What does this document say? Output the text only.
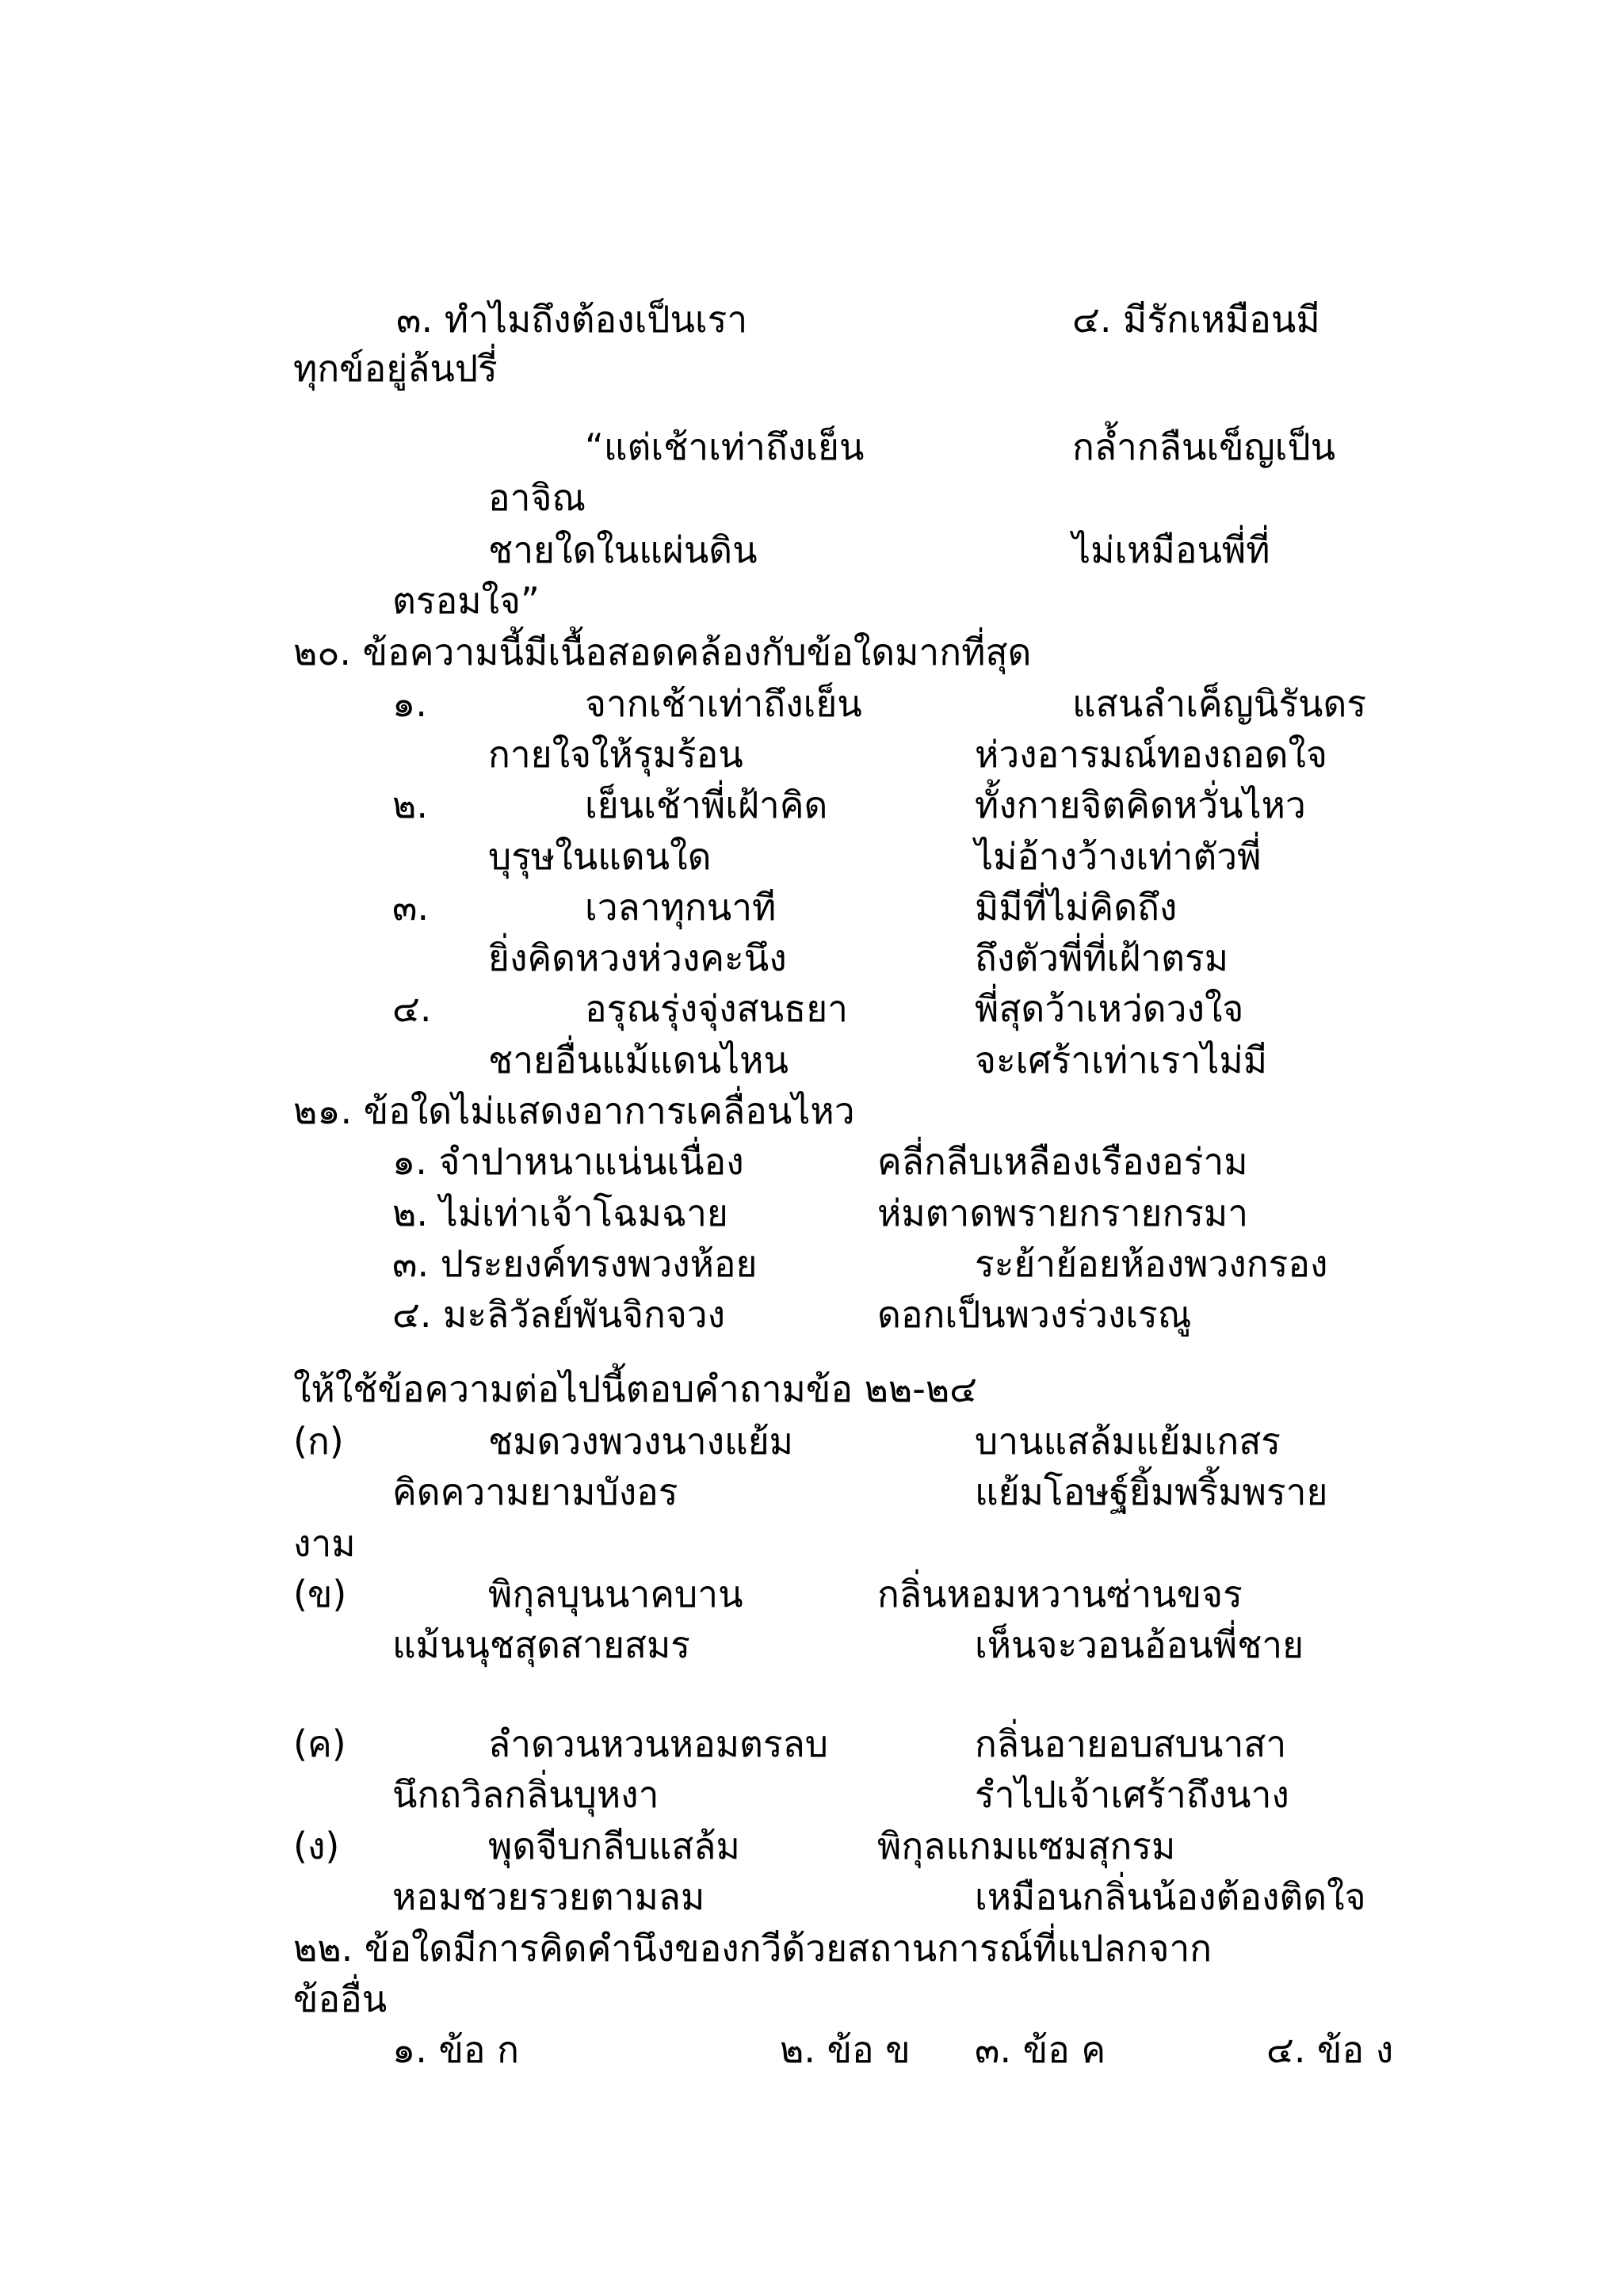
๓. ทำไมถึงต้องเป็นเรา	๔. มีรักเหมือนมี
ทุกข์อยู่ล้นปรี่
“แต่เช้าเท่าถึงเย็น	กล้ำกลืนเข็ญเป็น
อาจิณ
ชายใดในแผ่นดิน	ไม่เหมือนพี่ที่
ตรอมใจ”
๒๐. ข้อความนี้มีเนื้อสอดคล้องกับข้อใดมากที่สุด
๑.	จากเช้าเท่าถึงเย็น	แสนลำเค็ญนิรันดร
กายใจให้รุมร้อน	ห่วงอารมณ์ทองถอดใจ
๒.	เย็นเช้าพี่เฝ้าคิด	ทั้งกายจิตคิดหวั่นไหว
บุรุษในแดนใด	ไม่อ้างว้างเท่าตัวพี่
๓.	เวลาทุกนาที	มิมีที่ไม่คิดถึง
ยิ่งคิดหวงห่วงคะนึง	ถึงตัวพี่ที่เฝ้าตรม
๔.	อรุณรุ่งจุ่งสนธยา	พี่สุดว้าเหว่ดวงใจ
ชายอื่นแม้แดนไหน	จะเศร้าเท่าเราไม่มี
๒๑. ข้อใดไม่แสดงอาการเคลื่อนไหว
๑. จำปาหนาแน่นเนื่อง	คลี่กลีบเหลืองเรืองอร่าม
๒. ไม่เท่าเจ้าโฉมฉาย	ห่มตาดพรายกรายกรมา
๓. ประยงค์ทรงพวงห้อย	ระย้าย้อยห้องพวงกรอง
๔. มะลิวัลย์พันจิกจวง	ดอกเป็นพวงร่วงเรณู
ให้ใช้ข้อความต่อไปนี้ตอบคำถามข้อ ๒๒-๒๔
(ก)	ชมดวงพวงนางแย้ม	บานแสล้มแย้มเกสร
คิดความยามบังอร	แย้มโอษฐ์ยิ้มพริ้มพราย
งาม
(ข)	พิกุลบุนนาคบาน	กลิ่นหอมหวานซ่านขจร
แม้นนุชสุดสายสมร	เห็นจะวอนอ้อนพี่ชาย
(ค)	ลำดวนหวนหอมตรลบ	กลิ่นอายอบสบนาสา
นึกถวิลกลิ่นบุหงา	รำไปเจ้าเศร้าถึงนาง
(ง)	พุดจีบกลีบแสล้ม	พิกุลแกมแซมสุกรม
หอมชวยรวยตามลม	เหมือนกลิ่นน้องต้องติดใจ
๒๒. ข้อใดมีการคิดคำนึงของกวีด้วยสถานการณ์ที่แปลกจาก
ข้ออื่น
๑. ข้อ ก	๒. ข้อ ข ๓. ข้อ ค	๔. ข้อ ง
